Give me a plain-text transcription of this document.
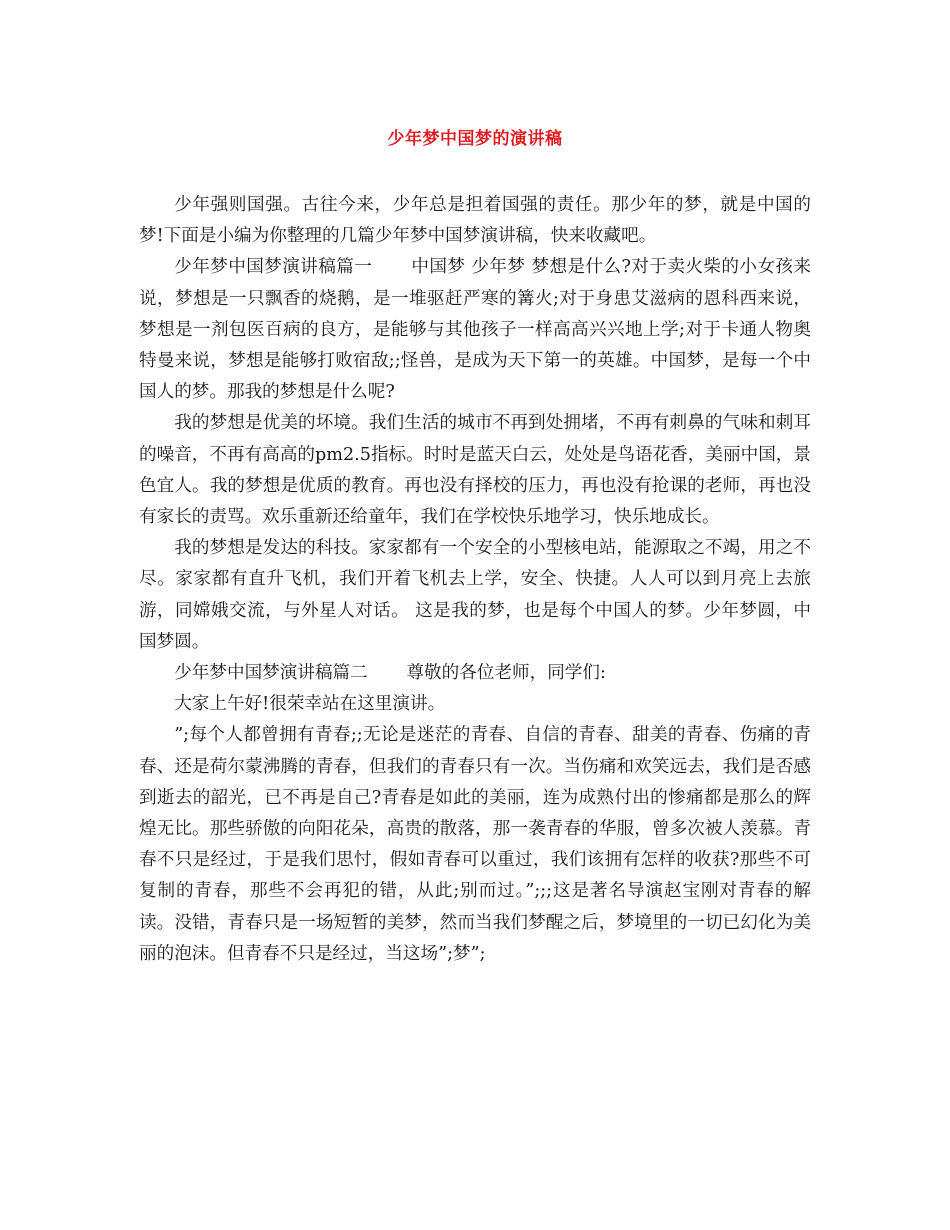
少年梦中国梦的演讲稿

少年强则国强。古往今来，少年总是担着国强的责任。那少年的梦，就是中国的梦!下面是小编为你整理的几篇少年梦中国梦演讲稿，快来收藏吧。

少年梦中国梦演讲稿篇一 中国梦 少年梦 梦想是什么?对于卖火柴的小女孩来说，梦想是一只飘香的烧鹅，是一堆驱赶严寒的篝火;对于身患艾滋病的恩科西来说，梦想是一剂包医百病的良方，是能够与其他孩子一样高高兴兴地上学;对于卡通人物奥特曼来说，梦想是能够打败宿敌;;怪兽，是成为天下第一的英雄。中国梦，是每一个中国人的梦。那我的梦想是什么呢?

我的梦想是优美的坏境。我们生活的城市不再到处拥堵，不再有刺鼻的气味和刺耳的噪音，不再有高高的pm2.5指标。时时是蓝天白云，处处是鸟语花香，美丽中国，景色宜人。我的梦想是优质的教育。再也没有择校的压力，再也没有抢课的老师，再也没有家长的责骂。欢乐重新还给童年，我们在学校快乐地学习，快乐地成长。

我的梦想是发达的科技。家家都有一个安全的小型核电站，能源取之不竭，用之不尽。家家都有直升飞机，我们开着飞机去上学，安全、快捷。人人可以到月亮上去旅游，同嫦娥交流，与外星人对话。 这是我的梦，也是每个中国人的梦。少年梦圆，中国梦圆。

少年梦中国梦演讲稿篇二 尊敬的各位老师，同学们:

大家上午好!很荣幸站在这里演讲。

”;每个人都曾拥有青春;;无论是迷茫的青春、自信的青春、甜美的青春、伤痛的青春、还是荷尔蒙沸腾的青春，但我们的青春只有一次。当伤痛和欢笑远去，我们是否感到逝去的韶光，已不再是自己?青春是如此的美丽，连为成熟付出的惨痛都是那么的辉煌无比。那些骄傲的向阳花朵，高贵的散落，那一袭青春的华服，曾多次被人羡慕。青春不只是经过，于是我们思忖，假如青春可以重过，我们该拥有怎样的收获?那些不可复制的青春，那些不会再犯的错，从此;别而过。”;;;这是著名导演赵宝刚对青春的解读。没错，青春只是一场短暂的美梦，然而当我们梦醒之后，梦境里的一切已幻化为美丽的泡沫。但青春不只是经过，当这场”;梦”;
